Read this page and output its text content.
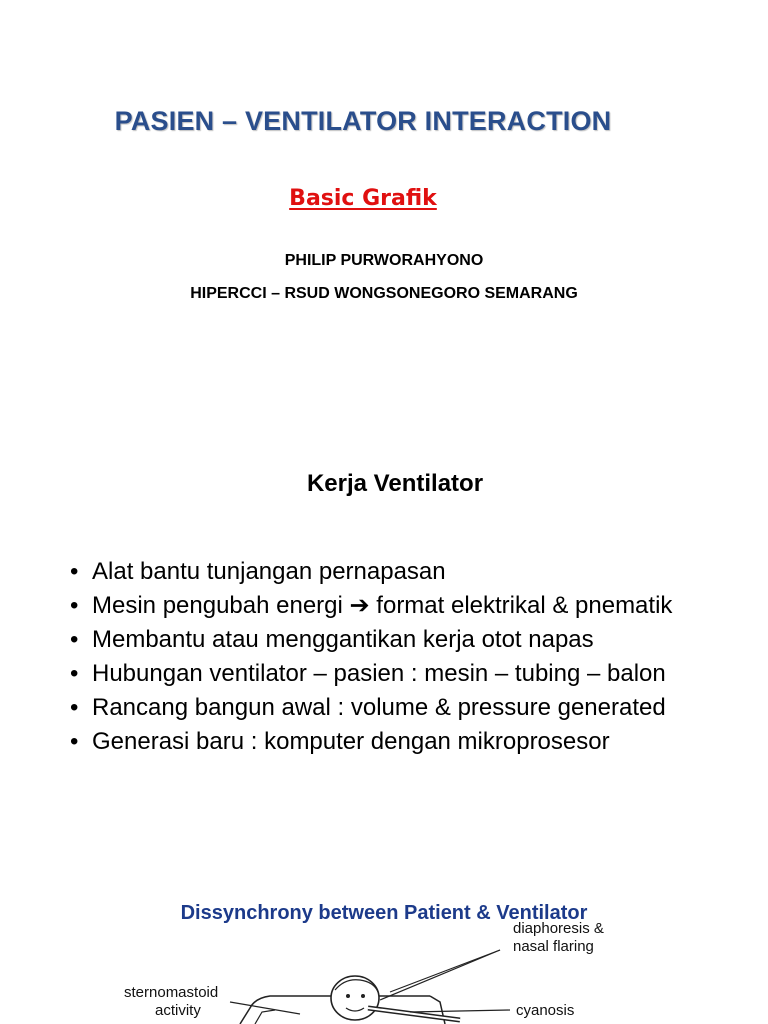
PASIEN – VENTILATOR INTERACTION
Basic Grafik
PHILIP PURWORAHYONO
HIPERCCI – RSUD WONGSONEGORO SEMARANG
Kerja Ventilator
• Alat bantu tunjangan pernapasan
• Mesin pengubah energi ➔ format elektrikal & pnematik
• Membantu atau menggantikan kerja otot napas
• Hubungan ventilator – pasien : mesin – tubing – balon
• Rancang bangun awal : volume & pressure generated
• Generasi baru : komputer dengan mikroprosesor
Dissynchrony between Patient & Ventilator
diaphoresis &
nasal flaring
cyanosis
sternomastoid
activity
